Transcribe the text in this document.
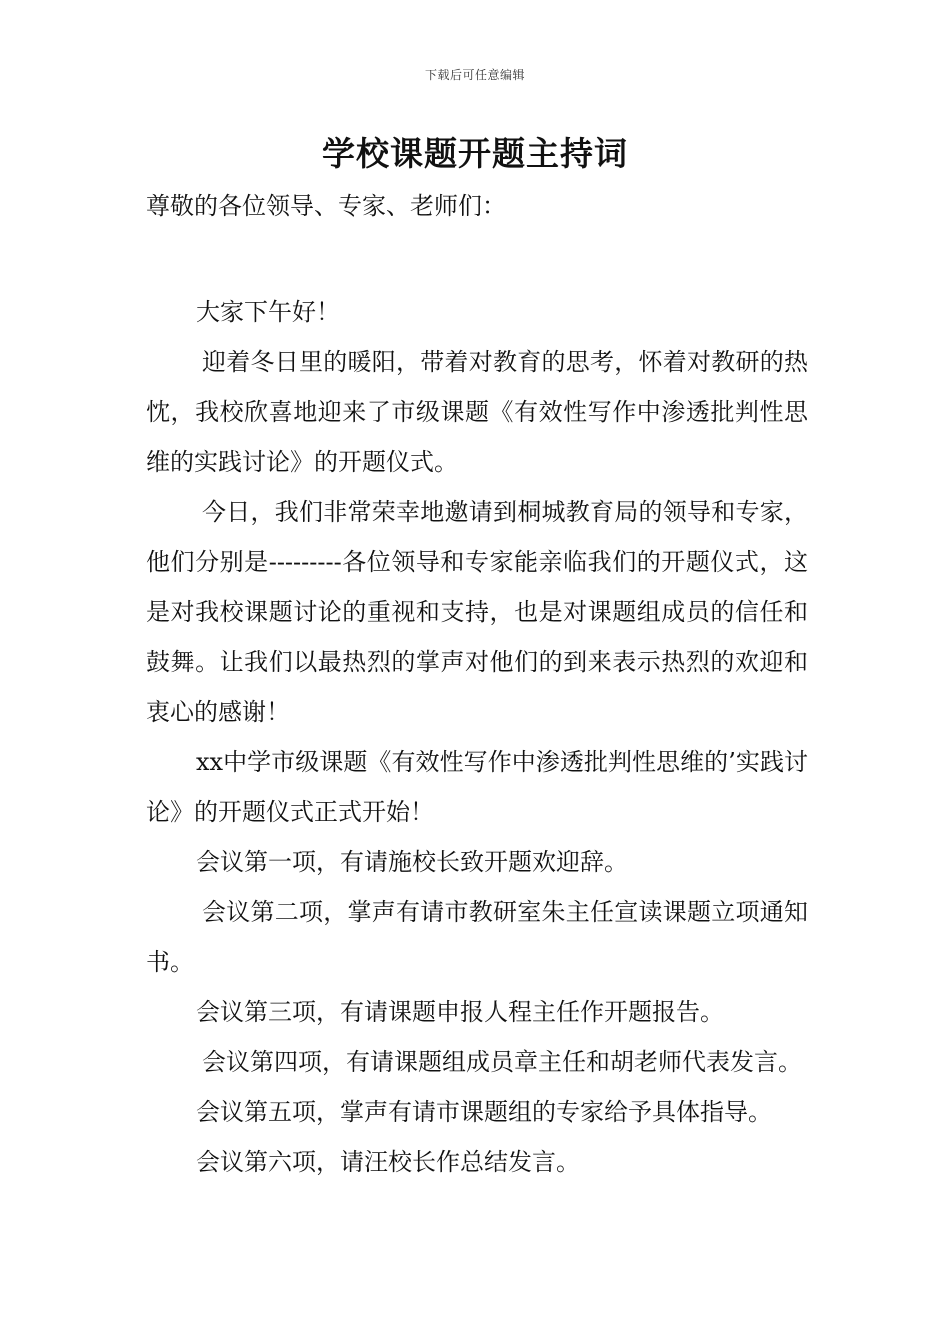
下载后可任意编辑
学校课题开题主持词

尊敬的各位领导、专家、老师们：

大家下午好！

迎着冬日里的暖阳，带着对教育的思考，怀着对教研的热忱，我校欣喜地迎来了市级课题《有效性写作中渗透批判性思维的实践讨论》的开题仪式。

今日，我们非常荣幸地邀请到桐城教育局的领导和专家，他们分别是---------各位领导和专家能亲临我们的开题仪式，这是对我校课题讨论的重视和支持，也是对课题组成员的信任和鼓舞。让我们以最热烈的掌声对他们的到来表示热烈的欢迎和衷心的感谢！

xx中学市级课题《有效性写作中渗透批判性思维的’实践讨论》的开题仪式正式开始！

会议第一项，有请施校长致开题欢迎辞。

会议第二项，掌声有请市教研室朱主任宣读课题立项通知书。

会议第三项，有请课题申报人程主任作开题报告。

会议第四项，有请课题组成员章主任和胡老师代表发言。

会议第五项，掌声有请市课题组的专家给予具体指导。

会议第六项，请汪校长作总结发言。
